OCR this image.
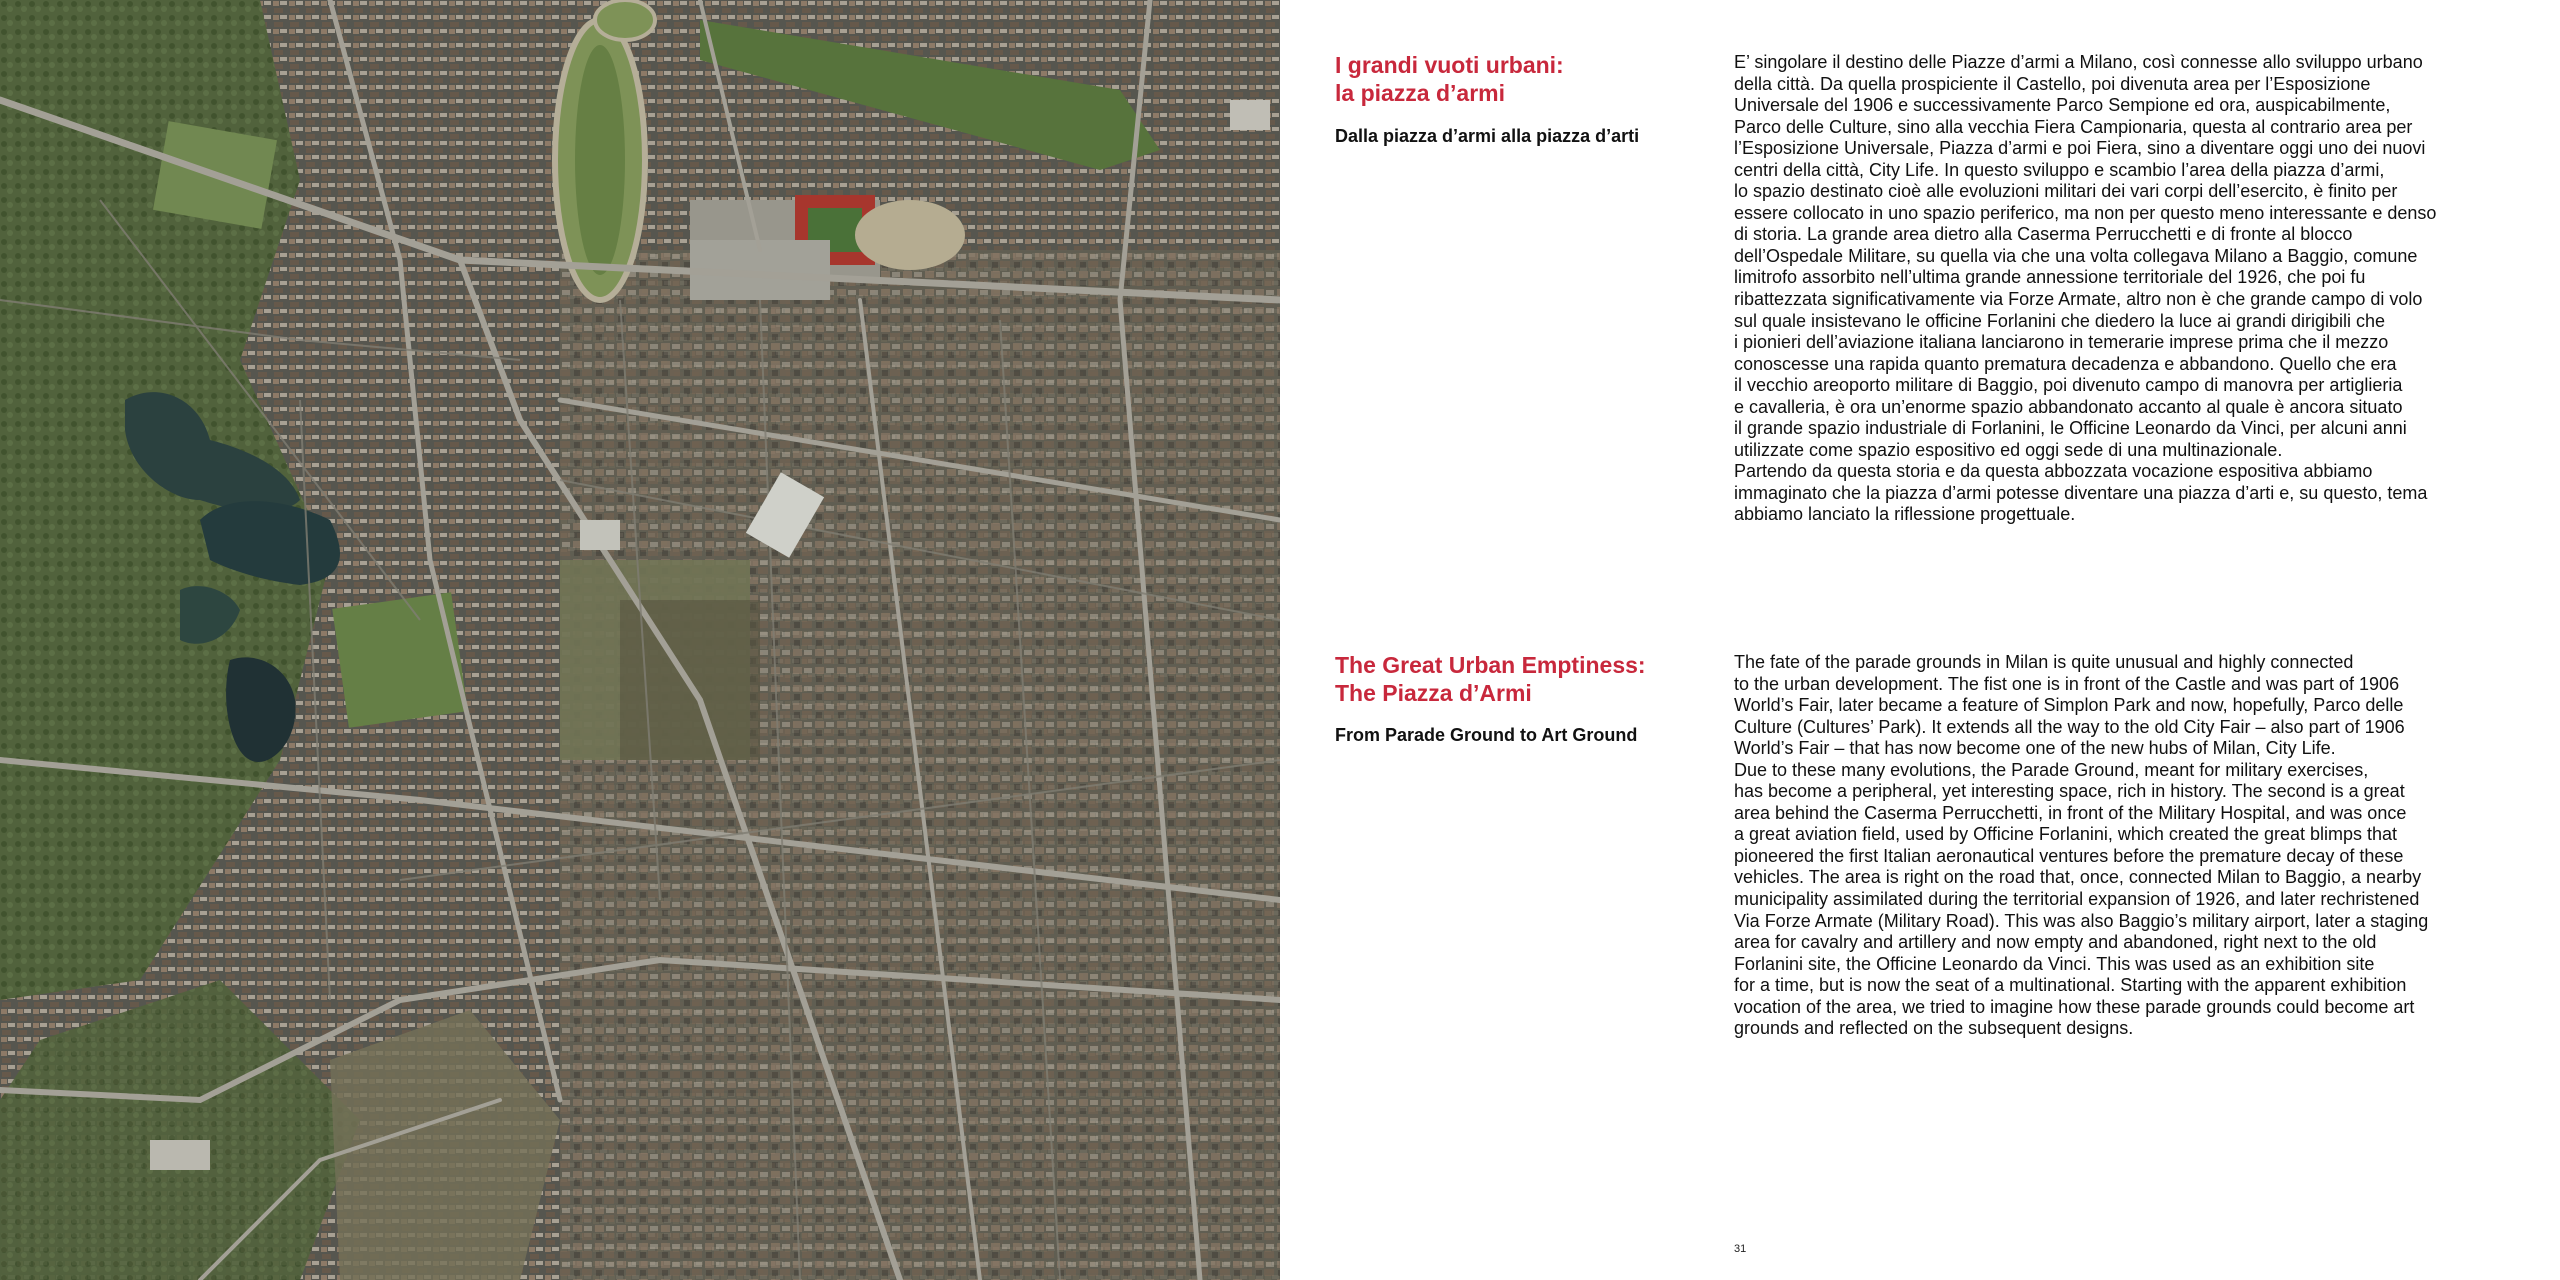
I grandi vuoti urbani:
la piazza d’armi

Dalla piazza d’armi alla piazza d’arti

E’ singolare il destino delle Piazze d’armi a Milano, così connesse allo sviluppo urbano
della città. Da quella prospiciente il Castello, poi divenuta area per l’Esposizione
Universale del 1906 e successivamente Parco Sempione ed ora, auspicabilmente,
Parco delle Culture, sino alla vecchia Fiera Campionaria, questa al contrario area per
l’Esposizione Universale, Piazza d’armi e poi Fiera, sino a diventare oggi uno dei nuovi
centri della città, City Life. In questo sviluppo e scambio l’area della piazza d’armi,
lo spazio destinato cioè alle evoluzioni militari dei vari corpi dell’esercito, è finito per
essere collocato in uno spazio periferico, ma non per questo meno interessante e denso
di storia. La grande area dietro alla Caserma Perrucchetti e di fronte al blocco
dell’Ospedale Militare, su quella via che una volta collegava Milano a Baggio, comune
limitrofo assorbito nell’ultima grande annessione territoriale del 1926, che poi fu
ribattezzata significativamente via Forze Armate, altro non è che grande campo di volo
sul quale insistevano le officine Forlanini che diedero la luce ai grandi dirigibili che
i pionieri dell’aviazione italiana lanciarono in temerarie imprese prima che il mezzo
conoscesse una rapida quanto prematura decadenza e abbandono. Quello che era
il vecchio areoporto militare di Baggio, poi divenuto campo di manovra per artiglieria
e cavalleria, è ora un’enorme spazio abbandonato accanto al quale è ancora situato
il grande spazio industriale di Forlanini, le Officine Leonardo da Vinci, per alcuni anni
utilizzate come spazio espositivo ed oggi sede di una multinazionale.
Partendo da questa storia e da questa abbozzata vocazione espositiva abbiamo
immaginato che la piazza d’armi potesse diventare una piazza d’arti e, su questo, tema
abbiamo lanciato la riflessione progettuale.
The Great Urban Emptiness:
The Piazza d’Armi

From Parade Ground to Art Ground

The fate of the parade grounds in Milan is quite unusual and highly connected
to the urban development. The fist one is in front of the Castle and was part of 1906
World’s Fair, later became a feature of Simplon Park and now, hopefully, Parco delle
Culture (Cultures’ Park). It extends all the way to the old City Fair – also part of 1906
World’s Fair – that has now become one of the new hubs of Milan, City Life.
Due to these many evolutions, the Parade Ground, meant for military exercises,
has become a peripheral, yet interesting space, rich in history. The second is a great
area behind the Caserma Perrucchetti, in front of the Military Hospital, and was once
a great aviation field, used by Officine Forlanini, which created the great blimps that
pioneered the first Italian aeronautical ventures before the premature decay of these
vehicles. The area is right on the road that, once, connected Milan to Baggio, a nearby
municipality assimilated during the territorial expansion of 1926, and later rechristened
Via Forze Armate (Military Road). This was also Baggio’s military airport, later a staging
area for cavalry and artillery and now empty and abandoned, right next to the old
Forlanini site, the Officine Leonardo da Vinci. This was used as an exhibition site
for a time, but is now the seat of a multinational. Starting with the apparent exhibition
vocation of the area, we tried to imagine how these parade grounds could become art
grounds and reflected on the subsequent designs.
31
